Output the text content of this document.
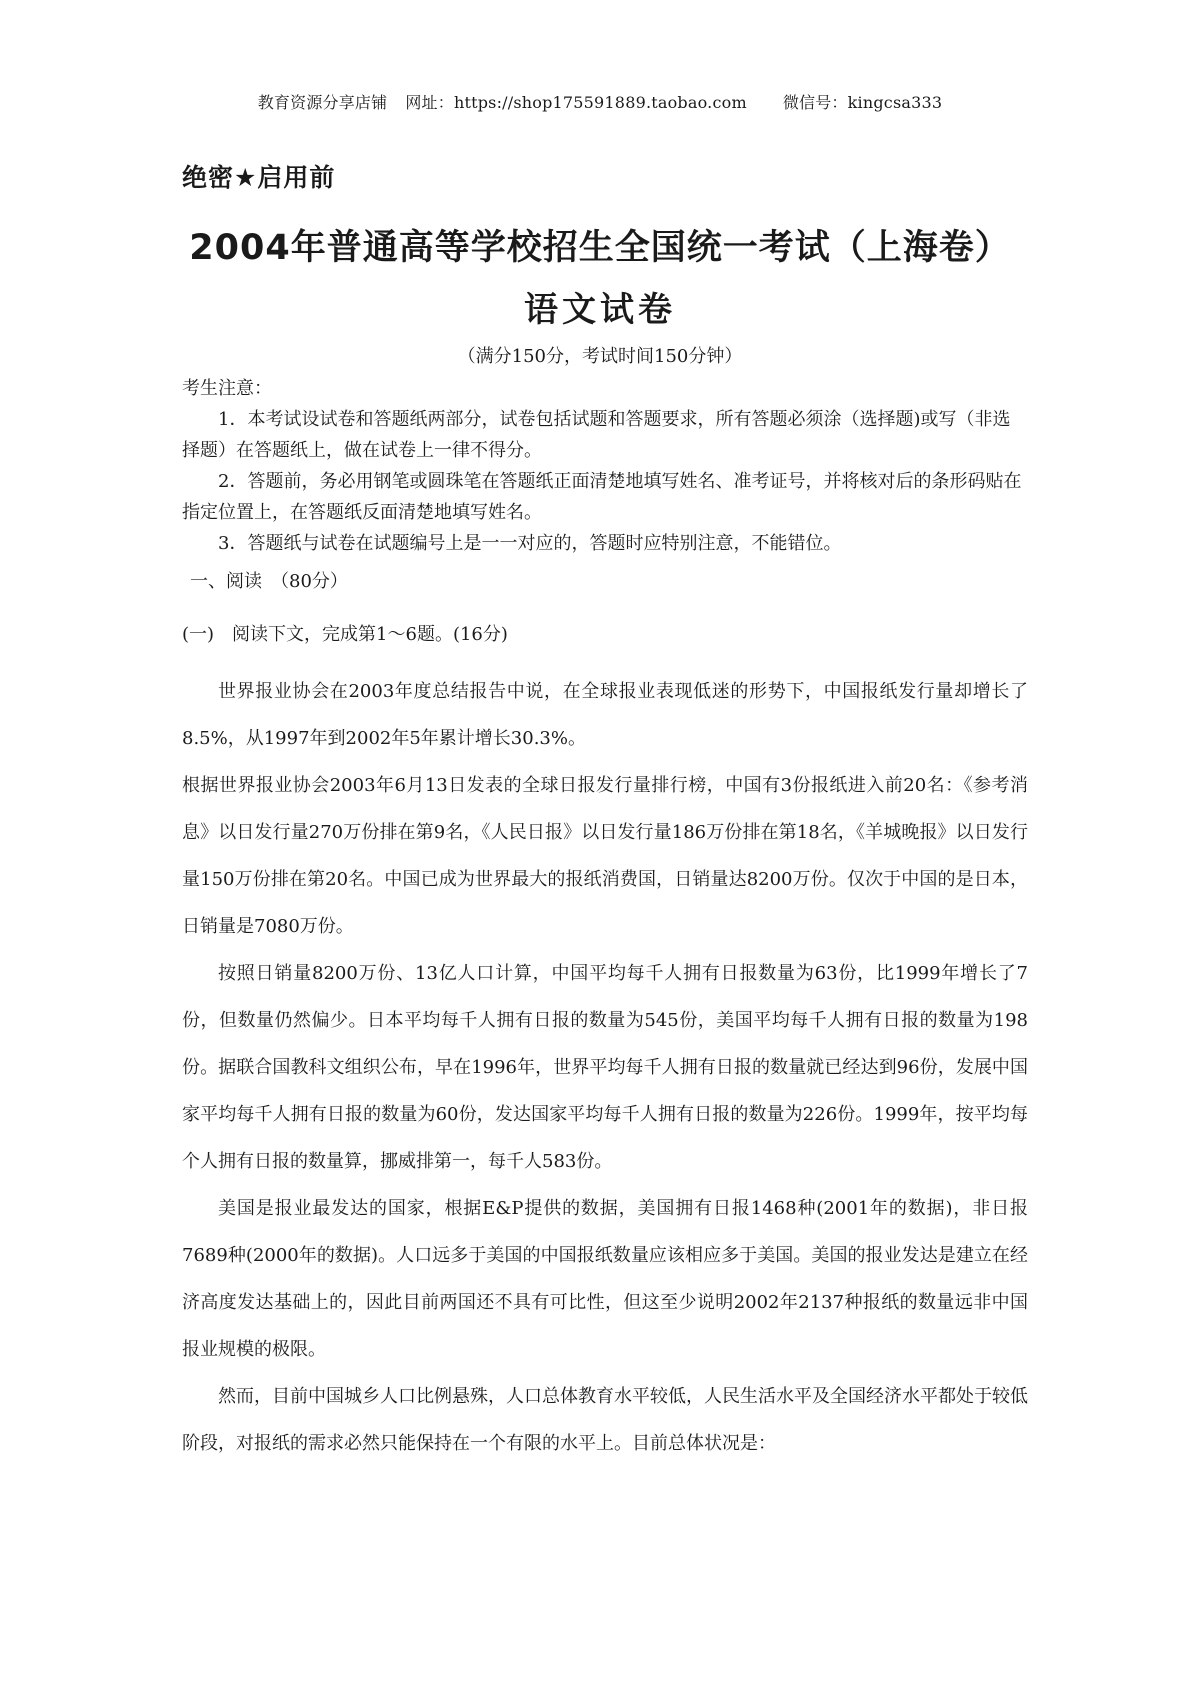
教育资源分享店铺 网址：https://shop175591889.taobao.com 微信号：kingcsa333
绝密★启用前
2004年普通高等学校招生全国统一考试（上海卷）
语文试卷
（满分150分，考试时间150分钟）

考生注意：

1．本考试设试卷和答题纸两部分，试卷包括试题和答题要求，所有答题必须涂（选择题)或写（非选择题）在答题纸上，做在试卷上一律不得分。

2．答题前，务必用钢笔或圆珠笔在答题纸正面清楚地填写姓名、准考证号，并将核对后的条形码贴在指定位置上，在答题纸反面清楚地填写姓名。

3．答题纸与试卷在试题编号上是一一对应的，答题时应特别注意，不能错位。

一、阅读　（80分）
(一)　阅读下文，完成第1～6题。(16分)

世界报业协会在2003年度总结报告中说，在全球报业表现低迷的形势下，中国报纸发行量却增长了8.5%，从1997年到2002年5年累计增长30.3%。

根据世界报业协会2003年6月13日发表的全球日报发行量排行榜，中国有3份报纸进入前20名：《参考消息》以日发行量270万份排在第9名，《人民日报》以日发行量186万份排在第18名，《羊城晚报》以日发行量150万份排在第20名。中国已成为世界最大的报纸消费国，日销量达8200万份。仅次于中国的是日本，日销量是7080万份。

按照日销量8200万份、13亿人口计算，中国平均每千人拥有日报数量为63份，比1999年增长了7份，但数量仍然偏少。日本平均每千人拥有日报的数量为545份，美国平均每千人拥有日报的数量为198份。据联合国教科文组织公布，早在1996年，世界平均每千人拥有日报的数量就已经达到96份，发展中国家平均每千人拥有日报的数量为60份，发达国家平均每千人拥有日报的数量为226份。1999年，按平均每个人拥有日报的数量算，挪威排第一，每千人583份。

美国是报业最发达的国家，根据E&P提供的数据，美国拥有日报1468种(2001年的数据)，非日报7689种(2000年的数据)。人口远多于美国的中国报纸数量应该相应多于美国。美国的报业发达是建立在经济高度发达基础上的，因此目前两国还不具有可比性，但这至少说明2002年2137种报纸的数量远非中国报业规模的极限。

然而，目前中国城乡人口比例悬殊，人口总体教育水平较低，人民生活水平及全国经济水平都处于较低阶段，对报纸的需求必然只能保持在一个有限的水平上。目前总体状况是：
